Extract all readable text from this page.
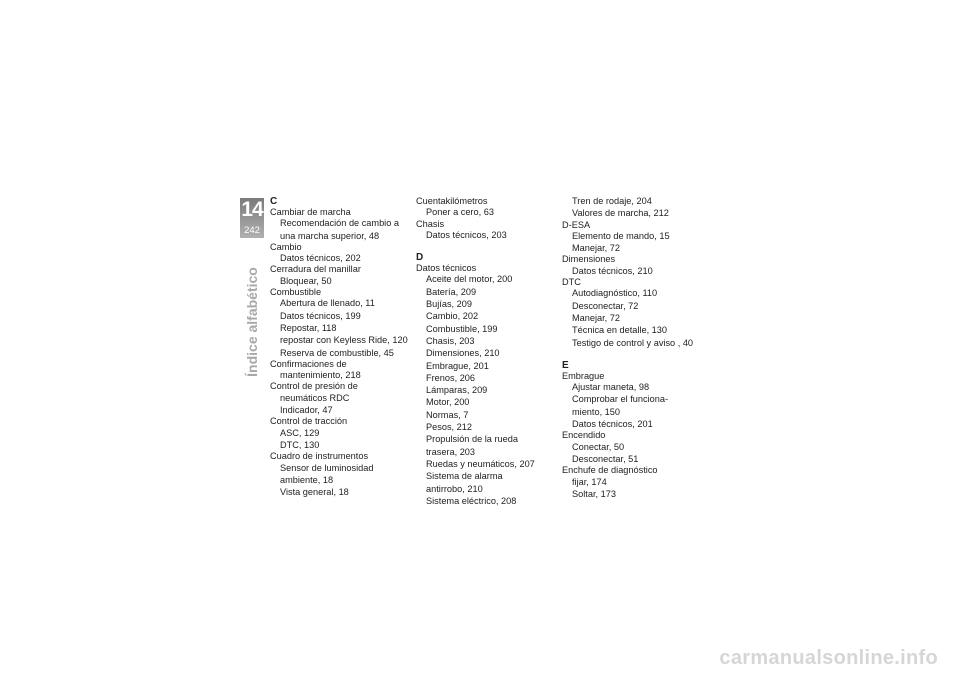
14
242
Índice alfabético
C
Cambiar de marcha
Recomendación de cambio a
una marcha superior, 48
Cambio
Datos técnicos, 202
Cerradura del manillar
Bloquear, 50
Combustible
Abertura de llenado, 11
Datos técnicos, 199
Repostar, 118
repostar con Keyless Ride, 120
Reserva de combustible, 45
Confirmaciones de
mantenimiento, 218
Control de presión de
neumáticos RDC
Indicador, 47
Control de tracción
ASC, 129
DTC, 130
Cuadro de instrumentos
Sensor de luminosidad
ambiente, 18
Vista general, 18
Cuentakilómetros
Poner a cero, 63
Chasis
Datos técnicos, 203
D
Datos técnicos
Aceite del motor, 200
Batería, 209
Bujías, 209
Cambio, 202
Combustible, 199
Chasis, 203
Dimensiones, 210
Embrague, 201
Frenos, 206
Lámparas, 209
Motor, 200
Normas, 7
Pesos, 212
Propulsión de la rueda
trasera, 203
Ruedas y neumáticos, 207
Sistema de alarma
antirrobo, 210
Sistema eléctrico, 208
Tren de rodaje, 204
Valores de marcha, 212
D-ESA
Elemento de mando, 15
Manejar, 72
Dimensiones
Datos técnicos, 210
DTC
Autodiagnóstico, 110
Desconectar, 72
Manejar, 72
Técnica en detalle, 130
Testigo de control y aviso , 40
E
Embrague
Ajustar maneta, 98
Comprobar el funciona-
miento, 150
Datos técnicos, 201
Encendido
Conectar, 50
Desconectar, 51
Enchufe de diagnóstico
fijar, 174
Soltar, 173
carmanualsonline.info
